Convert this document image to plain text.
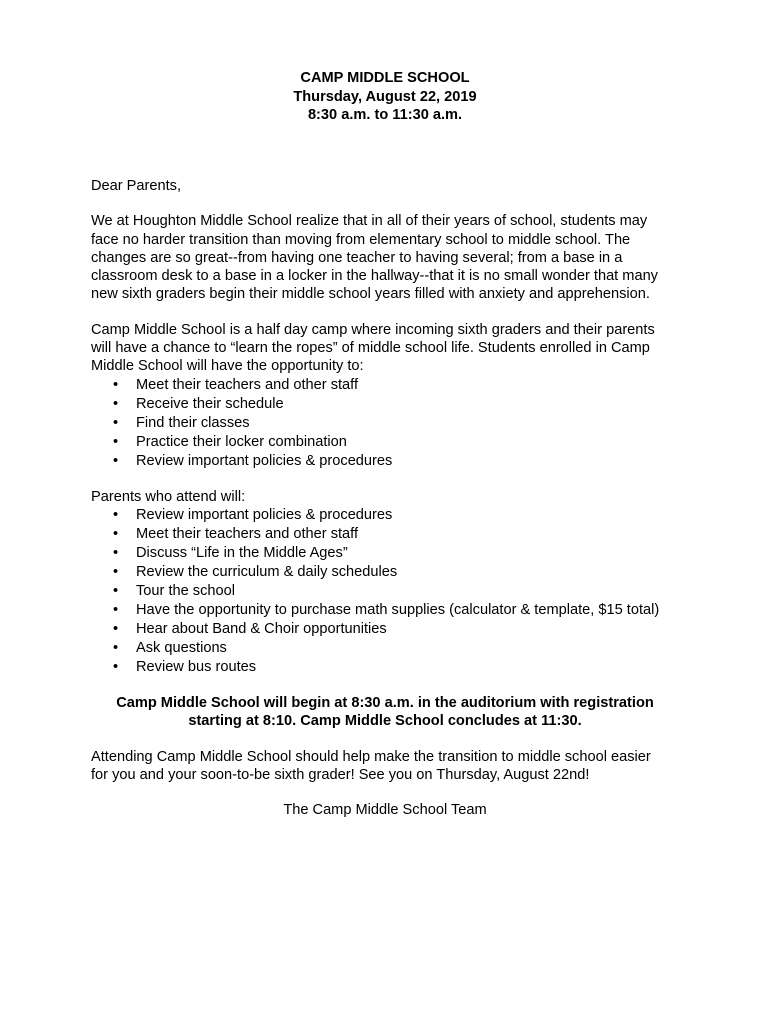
CAMP MIDDLE SCHOOL
Thursday, August 22, 2019
8:30 a.m. to 11:30 a.m.

Dear Parents,

We at Houghton Middle School realize that in all of their years of school, students may
face no harder transition than moving from elementary school to middle school. The
changes are so great--from having one teacher to having several; from a base in a
classroom desk to a base in a locker in the hallway--that it is no small wonder that many
new sixth graders begin their middle school years filled with anxiety and apprehension.

Camp Middle School is a half day camp where incoming sixth graders and their parents
will have a chance to “learn the ropes” of middle school life. Students enrolled in Camp
Middle School will have the opportunity to:

• Meet their teachers and other staff
• Receive their schedule
• Find their classes
• Practice their locker combination
• Review important policies & procedures

Parents who attend will:

• Review important policies & procedures
• Meet their teachers and other staff
• Discuss “Life in the Middle Ages”
• Review the curriculum & daily schedules
• Tour the school
• Have the opportunity to purchase math supplies (calculator & template, $15 total)
• Hear about Band & Choir opportunities
• Ask questions
• Review bus routes
Camp Middle School will begin at 8:30 a.m. in the auditorium with registration
starting at 8:10. Camp Middle School concludes at 11:30.

Attending Camp Middle School should help make the transition to middle school easier
for you and your soon-to-be sixth grader! See you on Thursday, August 22nd!

The Camp Middle School Team
